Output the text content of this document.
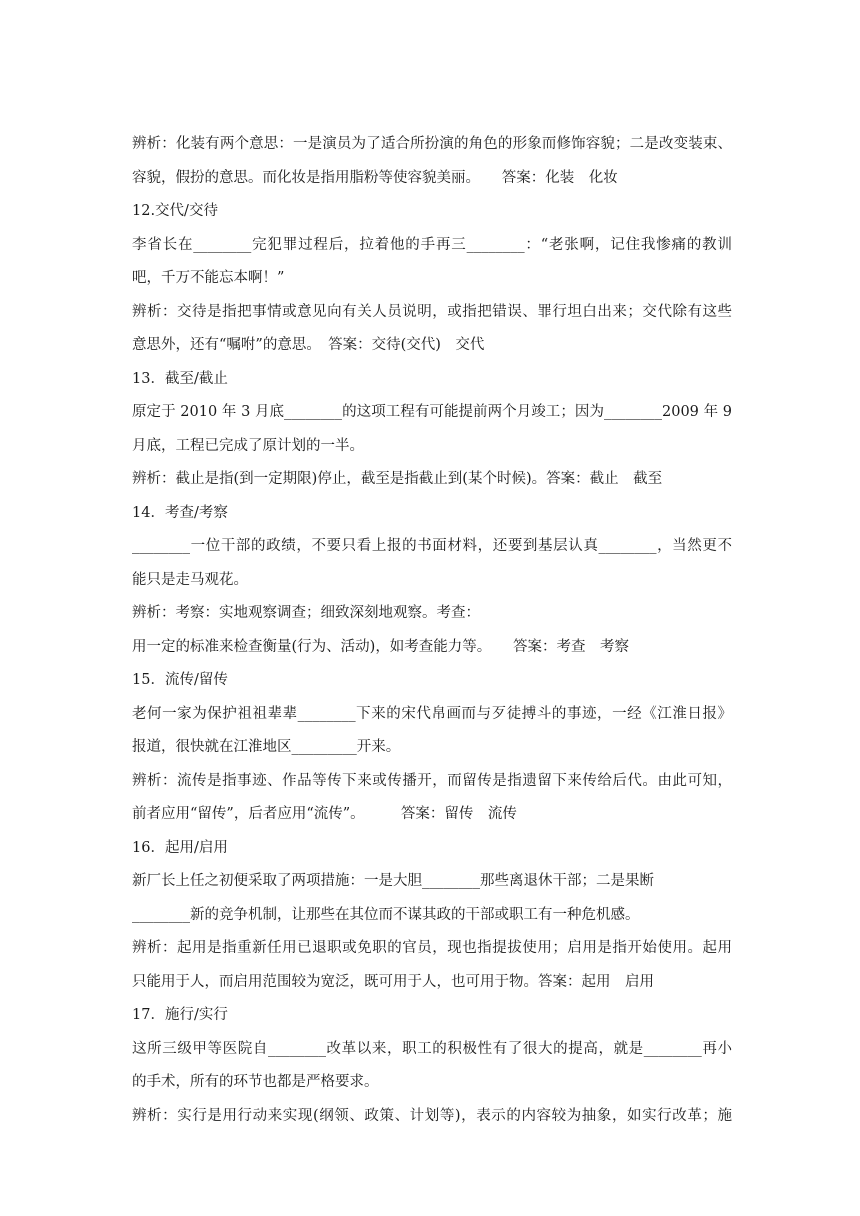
辨析：化装有两个意思：一是演员为了适合所扮演的角色的形象而修饰容貌；二是改变装束、

容貌，假扮的意思。而化妆是指用脂粉等使容貌美丽。　　答案：化装　化妆

12.交代/交待

李省长在________完犯罪过程后，拉着他的手再三________：“老张啊，记住我惨痛的教训

吧，千万不能忘本啊！”

辨析：交待是指把事情或意见向有关人员说明，或指把错误、罪行坦白出来；交代除有这些

意思外，还有“嘱咐”的意思。　答案：交待(交代)　交代

13．截至/截止

原定于 2010 年 3 月底________的这项工程有可能提前两个月竣工；因为________2009 年 9

月底，工程已完成了原计划的一半。

辨析：截止是指(到一定期限)停止，截至是指截止到(某个时候)。答案：截止　截至

14．考查/考察

________一位干部的政绩，不要只看上报的书面材料，还要到基层认真________，当然更不

能只是走马观花。

辨析：考察：实地观察调查；细致深刻地观察。考查：

用一定的标准来检查衡量(行为、活动)，如考查能力等。　　答案：考查　考察

15．流传/留传

老何一家为保护祖祖辈辈________下来的宋代帛画而与歹徒搏斗的事迹，一经《江淮日报》

报道，很快就在江淮地区_________开来。

辨析：流传是指事迹、作品等传下来或传播开，而留传是指遗留下来传给后代。由此可知，

前者应用“留传”，后者应用“流传”。　　　答案：留传　流传

16．起用/启用

新厂长上任之初便采取了两项措施：一是大胆________那些离退休干部；二是果断

________新的竞争机制，让那些在其位而不谋其政的干部或职工有一种危机感。

辨析：起用是指重新任用已退职或免职的官员，现也指提拔使用；启用是指开始使用。起用

只能用于人，而启用范围较为宽泛，既可用于人，也可用于物。答案：起用　启用

17．施行/实行

这所三级甲等医院自________改革以来，职工的积极性有了很大的提高，就是________再小

的手术，所有的环节也都是严格要求。

辨析：实行是用行动来实现(纲领、政策、计划等)，表示的内容较为抽象，如实行改革；施
